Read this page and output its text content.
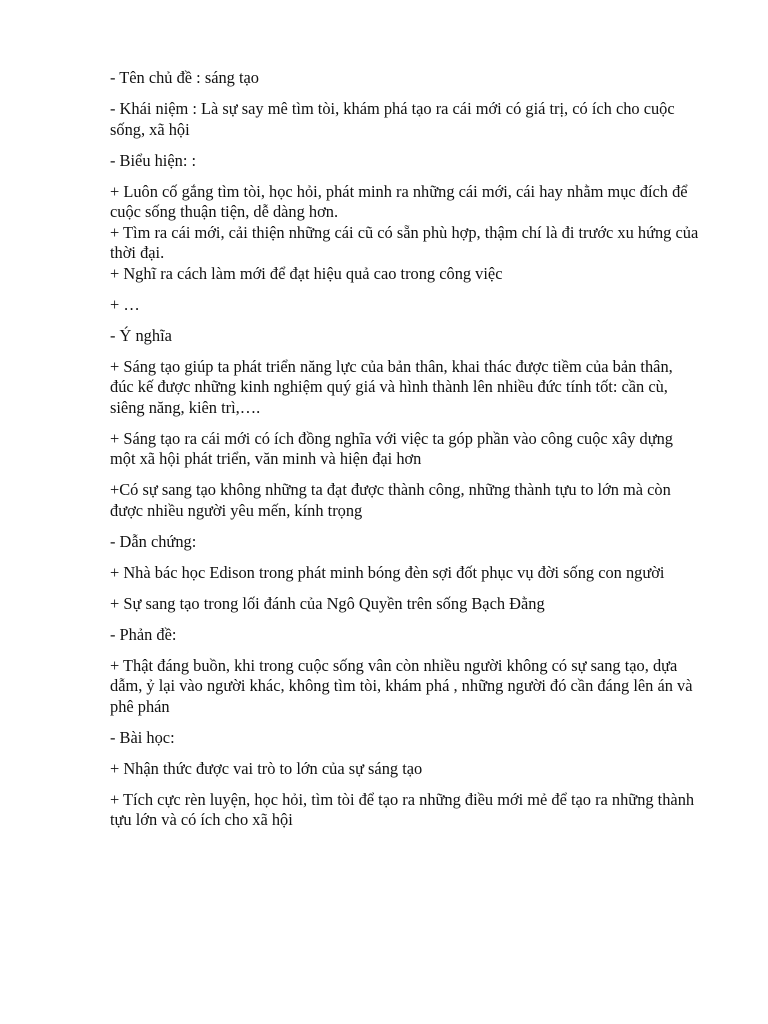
- Tên chủ đề : sáng tạo

- Khái niệm : Là sự say mê tìm tòi, khám phá tạo ra cái mới có giá trị, có ích cho cuộc sống, xã hội

- Biểu hiện: :

+ Luôn cố gắng tìm tòi, học hỏi, phát minh ra những cái mới, cái hay nhằm mục đích để cuộc sống thuận tiện, dễ dàng hơn.

+ Tìm ra cái mới, cải thiện những cái cũ có sẵn phù hợp, thậm chí là đi trước xu hứng của thời đại.

+ Nghĩ ra cách làm mới để đạt hiệu quả cao trong công việc

+ …

- Ý nghĩa

+ Sáng tạo giúp ta phát triển năng lực của bản thân, khai thác được tiềm của bản thân, đúc kế được những kinh nghiệm quý giá và hình thành lên nhiều đức tính tốt: cần cù, siêng năng, kiên trì,….

+ Sáng tạo ra cái mới có ích đồng nghĩa với việc ta góp phần vào công cuộc xây dựng một xã hội phát triển, văn minh và hiện đại hơn

+Có sự sang tạo không những ta đạt được thành công, những thành tựu to lớn mà còn được nhiều người yêu mến, kính trọng

- Dẫn chứng:

+ Nhà bác học Edison trong phát minh bóng đèn sợi đốt phục vụ đời sống con người

+ Sự sang tạo trong lối đánh của Ngô Quyền trên sống Bạch Đằng

- Phản đề:

+ Thật đáng buồn, khi trong cuộc sống vân còn nhiều người không có sự sang tạo, dựa dẫm, ỷ lại vào người khác, không tìm tòi, khám phá , những người đó cần đáng lên án và phê phán

- Bài học:

+ Nhận thức được vai trò to lớn của sự sáng tạo

+ Tích cực rèn luyện, học hỏi, tìm tòi để tạo ra những điều mới mẻ để tạo ra những thành tựu lớn và có ích cho xã hội
